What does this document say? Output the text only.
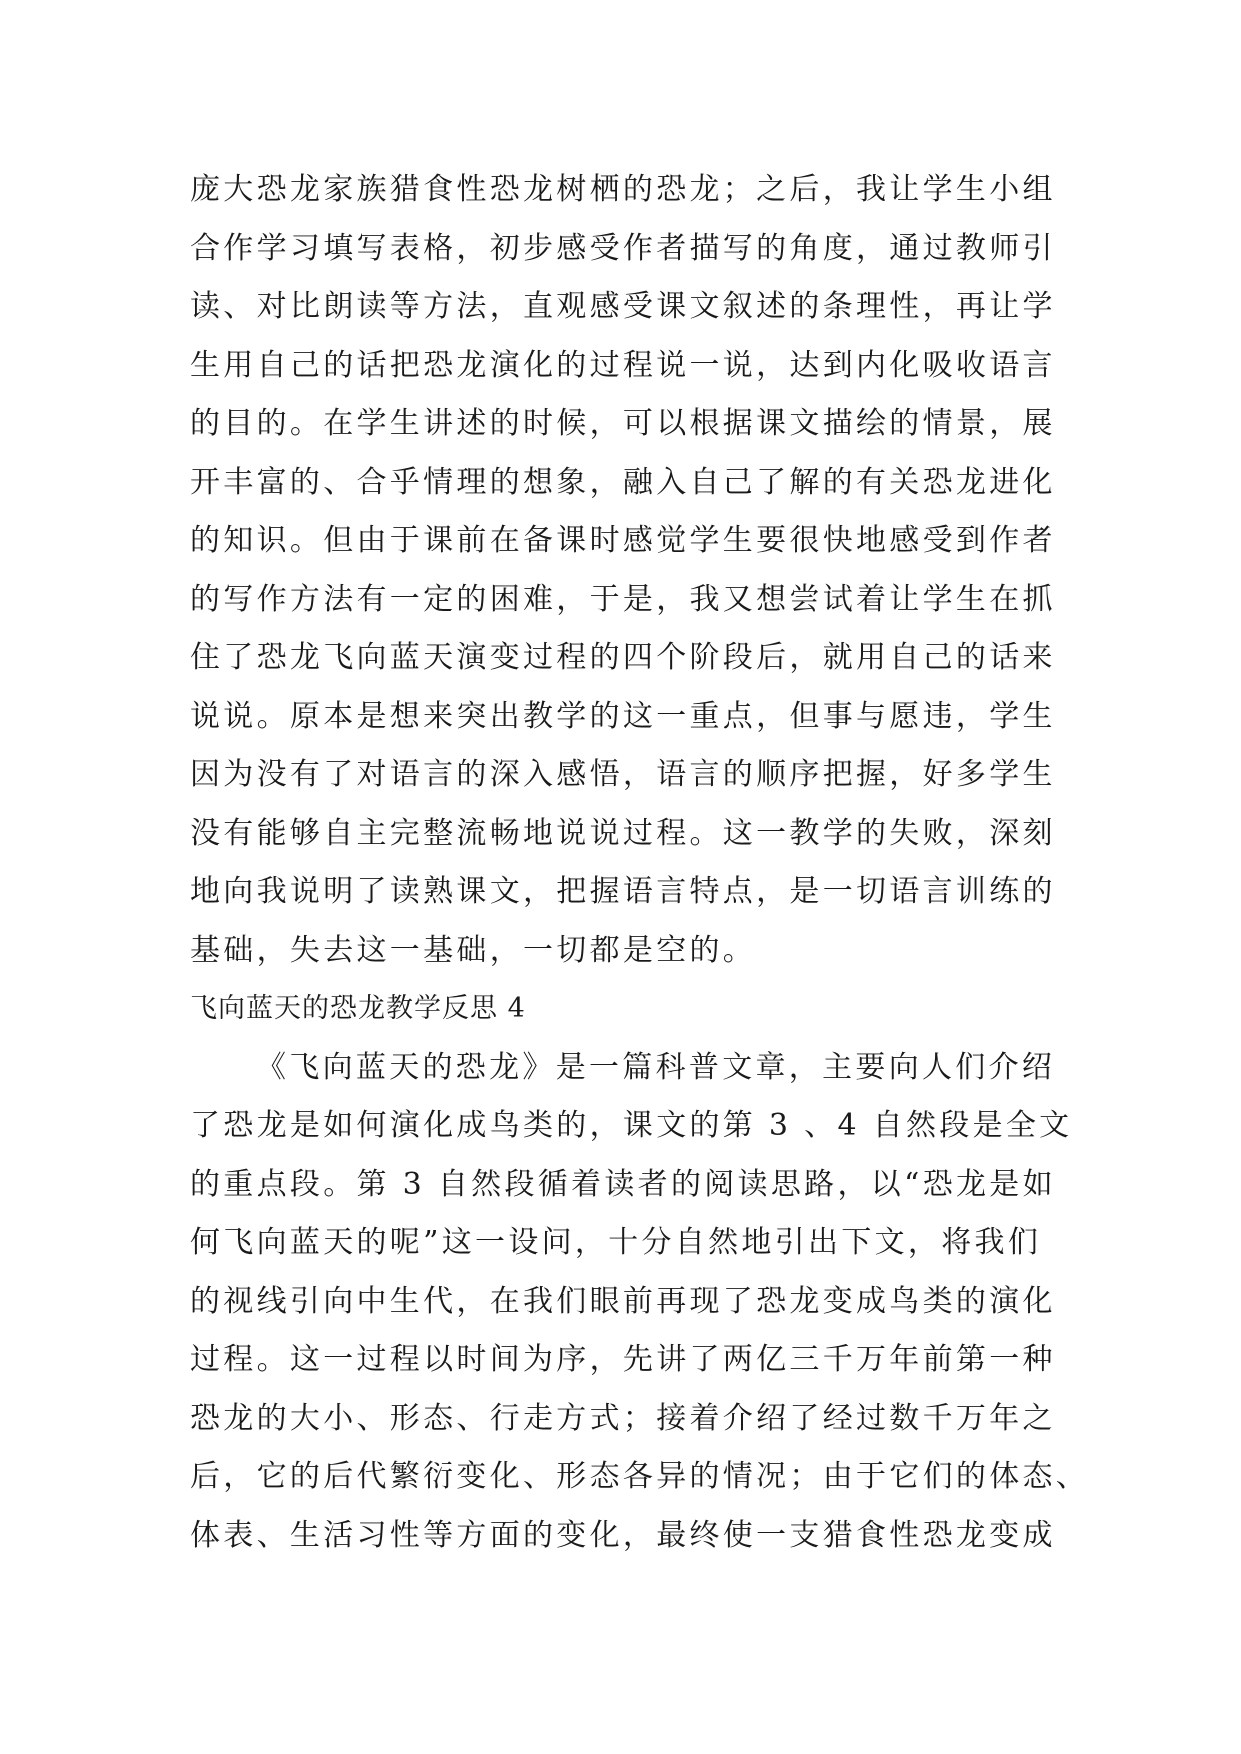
庞大恐龙家族猎食性恐龙树栖的恐龙；之后，我让学生小组
合作学习填写表格，初步感受作者描写的角度，通过教师引
读、对比朗读等方法，直观感受课文叙述的条理性，再让学
生用自己的话把恐龙演化的过程说一说，达到内化吸收语言
的目的。在学生讲述的时候，可以根据课文描绘的情景，展
开丰富的、合乎情理的想象，融入自己了解的有关恐龙进化
的知识。但由于课前在备课时感觉学生要很快地感受到作者
的写作方法有一定的困难，于是，我又想尝试着让学生在抓
住了恐龙飞向蓝天演变过程的四个阶段后，就用自己的话来
说说。原本是想来突出教学的这一重点，但事与愿违，学生
因为没有了对语言的深入感悟，语言的顺序把握，好多学生
没有能够自主完整流畅地说说过程。这一教学的失败，深刻
地向我说明了读熟课文，把握语言特点，是一切语言训练的
基础，失去这一基础，一切都是空的。
飞向蓝天的恐龙教学反思 4
《飞向蓝天的恐龙》是一篇科普文章，主要向人们介绍
了恐龙是如何演化成鸟类的，课文的第 3 、4 自然段是全文
的重点段。第 3 自然段循着读者的阅读思路，以“恐龙是如
何飞向蓝天的呢”这一设问，十分自然地引出下文，将我们
的视线引向中生代，在我们眼前再现了恐龙变成鸟类的演化
过程。这一过程以时间为序，先讲了两亿三千万年前第一种
恐龙的大小、形态、行走方式；接着介绍了经过数千万年之
后，它的后代繁衍变化、形态各异的情况；由于它们的体态、
体表、生活习性等方面的变化，最终使一支猎食性恐龙变成
